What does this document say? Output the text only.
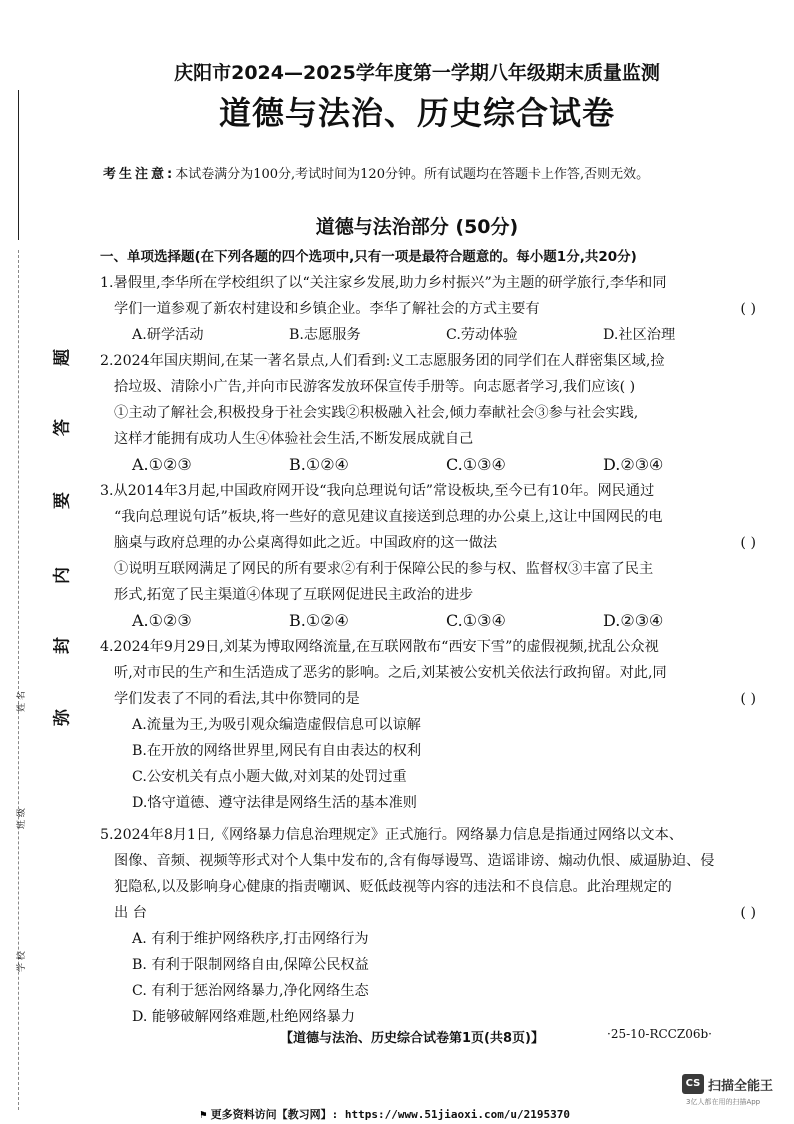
题
答
要
内
封
弥
姓 名
班 级
学 校
庆阳市2024—2025学年度第一学期八年级期末质量监测
道德与法治、历史综合试卷
考生注意:本试卷满分为100分,考试时间为120分钟。所有试题均在答题卡上作答,否则无效。
道德与法治部分 (50分)
一、单项选择题(在下列各题的四个选项中,只有一项是最符合题意的。每小题1分,共20分)
1.暑假里,李华所在学校组织了以“关注家乡发展,助力乡村振兴”为主题的研学旅行,李华和同
学们一道参观了新农村建设和乡镇企业。李华了解社会的方式主要有	( )
A.研学活动	B.志愿服务	C.劳动体验	D.社区治理
2.2024年国庆期间,在某一著名景点,人们看到:义工志愿服务团的同学们在人群密集区域,捡
拾垃圾、清除小广告,并向市民游客发放环保宣传手册等。向志愿者学习,我们应该( )
①主动了解社会,积极投身于社会实践②积极融入社会,倾力奉献社会③参与社会实践,
这样才能拥有成功人生④体验社会生活,不断发展成就自己
A.①②③	B.①②④	C.①③④	D.②③④
3.从2014年3月起,中国政府网开设“我向总理说句话”常设板块,至今已有10年。网民通过
“我向总理说句话”板块,将一些好的意见建议直接送到总理的办公桌上,这让中国网民的电
脑桌与政府总理的办公桌离得如此之近。中国政府的这一做法	( )
①说明互联网满足了网民的所有要求②有利于保障公民的参与权、监督权③丰富了民主
形式,拓宽了民主渠道④体现了互联网促进民主政治的进步
A.①②③	B.①②④	C.①③④	D.②③④
4.2024年9月29日,刘某为博取网络流量,在互联网散布“西安下雪”的虚假视频,扰乱公众视
听,对市民的生产和生活造成了恶劣的影响。之后,刘某被公安机关依法行政拘留。对此,同
学们发表了不同的看法,其中你赞同的是	( )
A.流量为王,为吸引观众编造虚假信息可以谅解
B.在开放的网络世界里,网民有自由表达的权利
C.公安机关有点小题大做,对刘某的处罚过重
D.恪守道德、遵守法律是网络生活的基本准则
5.2024年8月1日,《网络暴力信息治理规定》正式施行。网络暴力信息是指通过网络以文本、
图像、音频、视频等形式对个人集中发布的,含有侮辱谩骂、造谣诽谤、煽动仇恨、威逼胁迫、侵
犯隐私,以及影响身心健康的指责嘲讽、贬低歧视等内容的违法和不良信息。此治理规定的
出 台	( )
A. 有利于维护网络秩序,打击网络行为
B. 有利于限制网络自由,保障公民权益
C. 有利于惩治网络暴力,净化网络生态
D. 能够破解网络难题,杜绝网络暴力
【道德与法治、历史综合试卷第1页(共8页)】	·25-10-RCCZ06b·
CS 扫描全能王
3亿人都在用的扫描App
⚑ 更多资料访问【教习网】: https://www.51jiaoxi.com/u/2195370
